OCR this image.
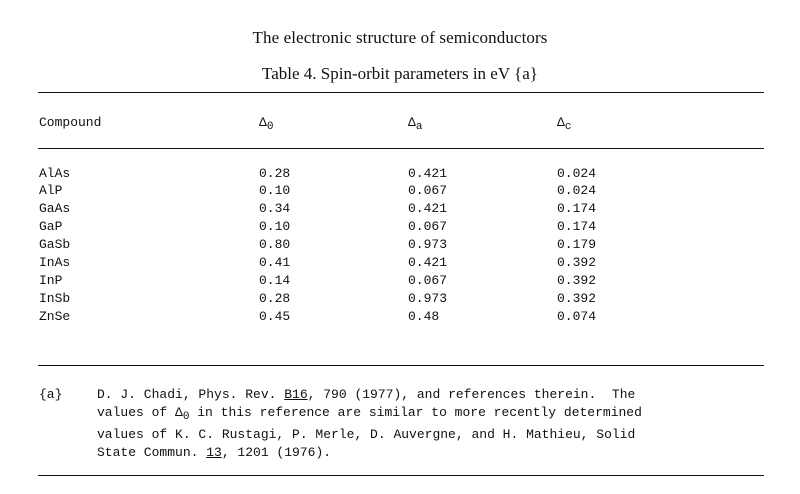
The electronic structure of semiconductors
Table 4. Spin-orbit parameters in eV {a}
Compound	$\Delta_0$	$\Delta_a$	$\Delta_c$
AlAs	0.28	0.421	0.024
AlP	0.10	0.067	0.024
GaAs	0.34	0.421	0.174
GaP	0.10	0.067	0.174
GaSb	0.80	0.973	0.179
InAs	0.41	0.421	0.392
InP	0.14	0.067	0.392
InSb	0.28	0.973	0.392
ZnSe	0.45	0.48	0.074
{a}	D. J. Chadi, Phys. Rev. B16, 790 (1977), and references therein.  The
values of $\Delta_0$ in this reference are similar to more recently determined
values of K. C. Rustagi, P. Merle, D. Auvergne, and H. Mathieu, Solid
State Commun. 13, 1201 (1976).
